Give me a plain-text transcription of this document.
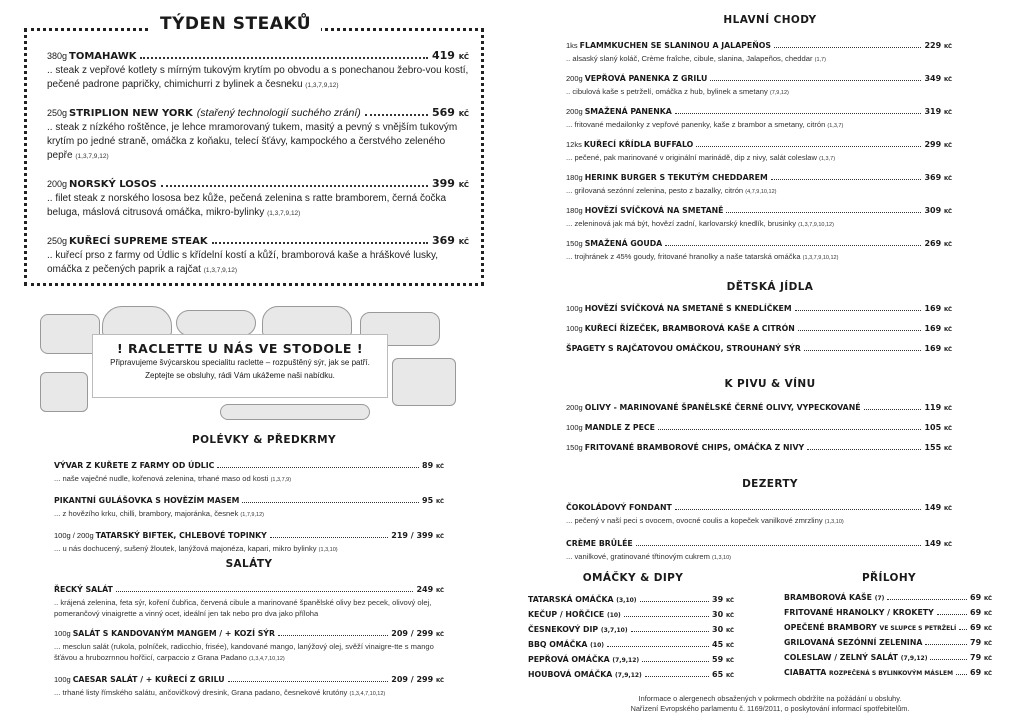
380g TOMAHAWK	419 KČ
.. steak z vepřové kotlety s mírným tukovým krytím po obvodu a s ponechanou žebro-vou kostí, pečené padrone papričky, chimichurri z bylinek a česneku (1,3,7,9,12)
250g STRIPLION NEW YORK (stařený technologií suchého zrání)	569 KČ
.. steak z nízkého roštěnce, je lehce mramorovaný tukem, masitý a pevný s vnějším tukovým krytím po jedné straně, omáčka z koňaku, telecí šťávy, kampockého a čerstvého zeleného pepře (1,3,7,9,12)
200g NORSKÝ LOSOS	399 KČ
.. filet steak z norského lososa bez kůže, pečená zelenina s ratte bramborem, černá čočka beluga, máslová citrusová omáčka, mikro-bylinky (1,3,7,9,12)
250g KUŘECÍ SUPREME STEAK	369 KČ
.. kuřecí prso z farmy od Údlic s křídelní kostí a kůží, bramborová kaše a hráškové lusky, omáčka z pečených paprik a rajčat (1,3,7,9,12)
TÝDEN STEAKŮ
! RACLETTE U NÁS VE STODOLE !

Připravujeme švýcarskou specialitu raclette – rozpuštěný sýr, jak se patří.

Zeptejte se obsluhy, rádi Vám ukážeme naši nabídku.

POLÉVKY & PŘEDKRMY
VÝVAR Z KUŘETE Z FARMY OD ÚDLIC	89 KČ
... naše vaječné nudle, kořenová zelenina, trhané maso od kosti (1,3,7,9)
PIKANTNÍ GULÁŠOVKA S HOVĚZÍM MASEM	95 KČ
... z hovězího krku, chilli, brambory, majoránka, česnek (1,7,9,12)
100g / 200g TATARSKÝ BIFTEK, CHLEBOVÉ TOPINKY	219 / 399 KČ
... u nás dochucený, sušený žloutek, lanýžová majonéza, kapari, mikro bylinky (1,3,10)
SALÁTY
ŘECKÝ SALÁT	249 KČ
.. krájená zelenina, feta sýr, koření čubřica, červená cibule a marinované španělské olivy bez pecek, olivový olej, pomerančový vinaigrette a vinný ocet, ideální jen tak nebo pro dva jako příloha
100g SALÁT S KANDOVANÝM MANGEM / + KOZÍ SÝR	209 / 299 KČ
... mesclun salát (rukola, polníček, radicchio, frisée), kandované mango, lanýžový olej, svěží vinaigre-tte s mango šťávou a hrubozrnnou hořčicí, carpaccio z Grana Padano (1,3,4,7,10,12)
100g CAESAR SALÁT / + KUŘECÍ Z GRILU	209 / 299 KČ
... trhané listy římského salátu, ančovičkový dresink, Grana padano, česnekové krutóny (1,3,4,7,10,12)
HLAVNÍ CHODY
1ks FLAMMKUCHEN SE SLANINOU A JALAPEŇOS	229 KČ
.. alsaský slaný koláč, Crème fraîche, cibule, slanina, Jalapeños, cheddar (1,7)
200g VEPŘOVÁ PANENKA Z GRILU	349 KČ
.. cibulová kaše s petrželí, omáčka z hub, bylinek a smetany (7,9,12)
200g SMAŽENÁ PANENKA	319 KČ
... fritované medailonky z vepřové panenky, kaše z brambor a smetany, citrón (1,3,7)
12ks KUŘECÍ KŘÍDLA BUFFALO	299 KČ
... pečené, pak marinované v originální marinádě, dip z nivy, salát coleslaw (1,3,7)
180g HERINK BURGER S TEKUTÝM CHEDDAREM	369 KČ
... grilovaná sezónní zelenina, pesto z bazalky, citrón (4,7,9,10,12)
180g HOVĚZÍ SVÍČKOVÁ NA SMETANĚ	309 KČ
... zeleninová jak má být, hovězí zadní, karlovarský knedlík, brusinky (1,3,7,9,10,12)
150g SMAŽENÁ GOUDA	269 KČ
... trojhránek z 45% goudy, fritované hranolky a naše tatarská omáčka (1,3,7,9,10,12)
DĚTSKÁ JÍDLA
100g HOVĚZÍ SVÍČKOVÁ NA SMETANĚ S KNEDLÍČKEM	169 KČ
100g KUŘECÍ ŘÍZEČEK, BRAMBOROVÁ KAŠE A CITRÓN	169 KČ
ŠPAGETY S RAJČATOVOU OMÁČKOU, STROUHANÝ SÝR	169 KČ
K PIVU & VÍNU
200g OLIVY - MARINOVANÉ ŠPANĚLSKÉ ČERNÉ OLIVY, VYPECKOVANÉ	119 KČ
100g MANDLE Z PECE	105 KČ
150g FRITOVANÉ BRAMBOROVÉ CHIPS, OMÁČKA Z NIVY	155 KČ
DEZERTY
ČOKOLÁDOVÝ FONDANT	149 KČ
... pečený v naší peci s ovocem, ovocné coulis a kopeček vanilkové zmrzliny (1,3,10)
CRÈME BRÛLÉE	149 KČ
... vanilkové, gratinované třtinovým cukrem (1,3,10)
OMÁČKY & DIPY
TATARSKÁ OMÁČKA (3,10)	39 KČ
KEČUP / HOŘČICE (10)	30 KČ
ČESNEKOVÝ DIP (3,7,10)	30 KČ
BBQ OMÁČKA (10)	45 KČ
PEPŘOVÁ OMÁČKA (7,9,12)	59 KČ
HOUBOVÁ OMÁČKA (7,9,12)	65 KČ
PŘÍLOHY
BRAMBOROVÁ KAŠE (7)	69 KČ
FRITOVANÉ HRANOLKY / KROKETY	69 KČ
OPEČENÉ BRAMBORY VE SLUPCE S PETRŽELÍ 69 KČ
GRILOVANÁ SEZÓNNÍ ZELENINA	79 KČ
COLESLAW / ZELNÝ SALÁT (7,9,12)	79 KČ
CIABATTA ROZPEČENÁ S BYLINKOVÝM MÁSLEM 69 KČ
Informace o alergenech obsažených v pokrmech obdržíte na požádání u obsluhy.
Nařízení Evropského parlamentu č. 1169/2011, o poskytování informací spotřebitelům.
